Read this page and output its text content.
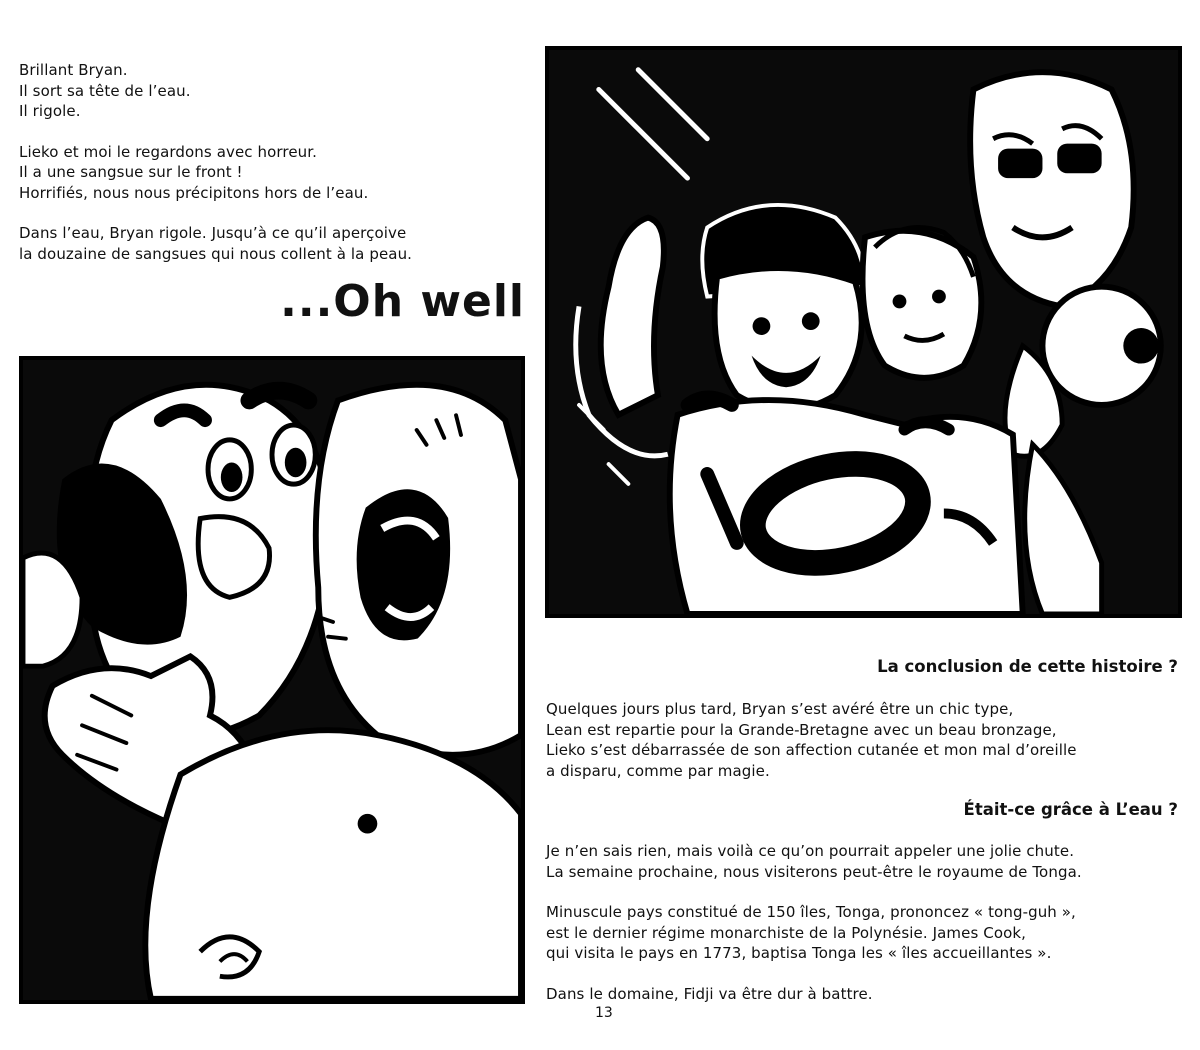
Brillant Bryan.
Il sort sa tête de l’eau.
Il rigole.

Lieko et moi le regardons avec horreur.
Il a une sangsue sur le front !
Horrifiés, nous nous précipitons hors de l’eau.

Dans l’eau, Bryan rigole. Jusqu’à ce qu’il aperçoive
la douzaine de sangsues qui nous collent à la peau.

...Oh well
La conclusion de cette histoire ?

Quelques jours plus tard, Bryan s’est avéré être un chic type,
Lean est repartie pour la Grande-Bretagne avec un beau bronzage,
Lieko s’est débarrassée de son affection cutanée et mon mal d’oreille
a disparu, comme par magie.

Était-ce grâce à L’eau ?

Je n’en sais rien, mais voilà ce qu’on pourrait appeler une jolie chute.
La semaine prochaine, nous visiterons peut-être le royaume de Tonga.

Minuscule pays constitué de 150 îles, Tonga, prononcez « tong-guh »,
est le dernier régime monarchiste de la Polynésie. James Cook,
qui visita le pays en 1773, baptisa Tonga les « îles accueillantes ».

Dans le domaine, Fidji va être dur à battre.

13
